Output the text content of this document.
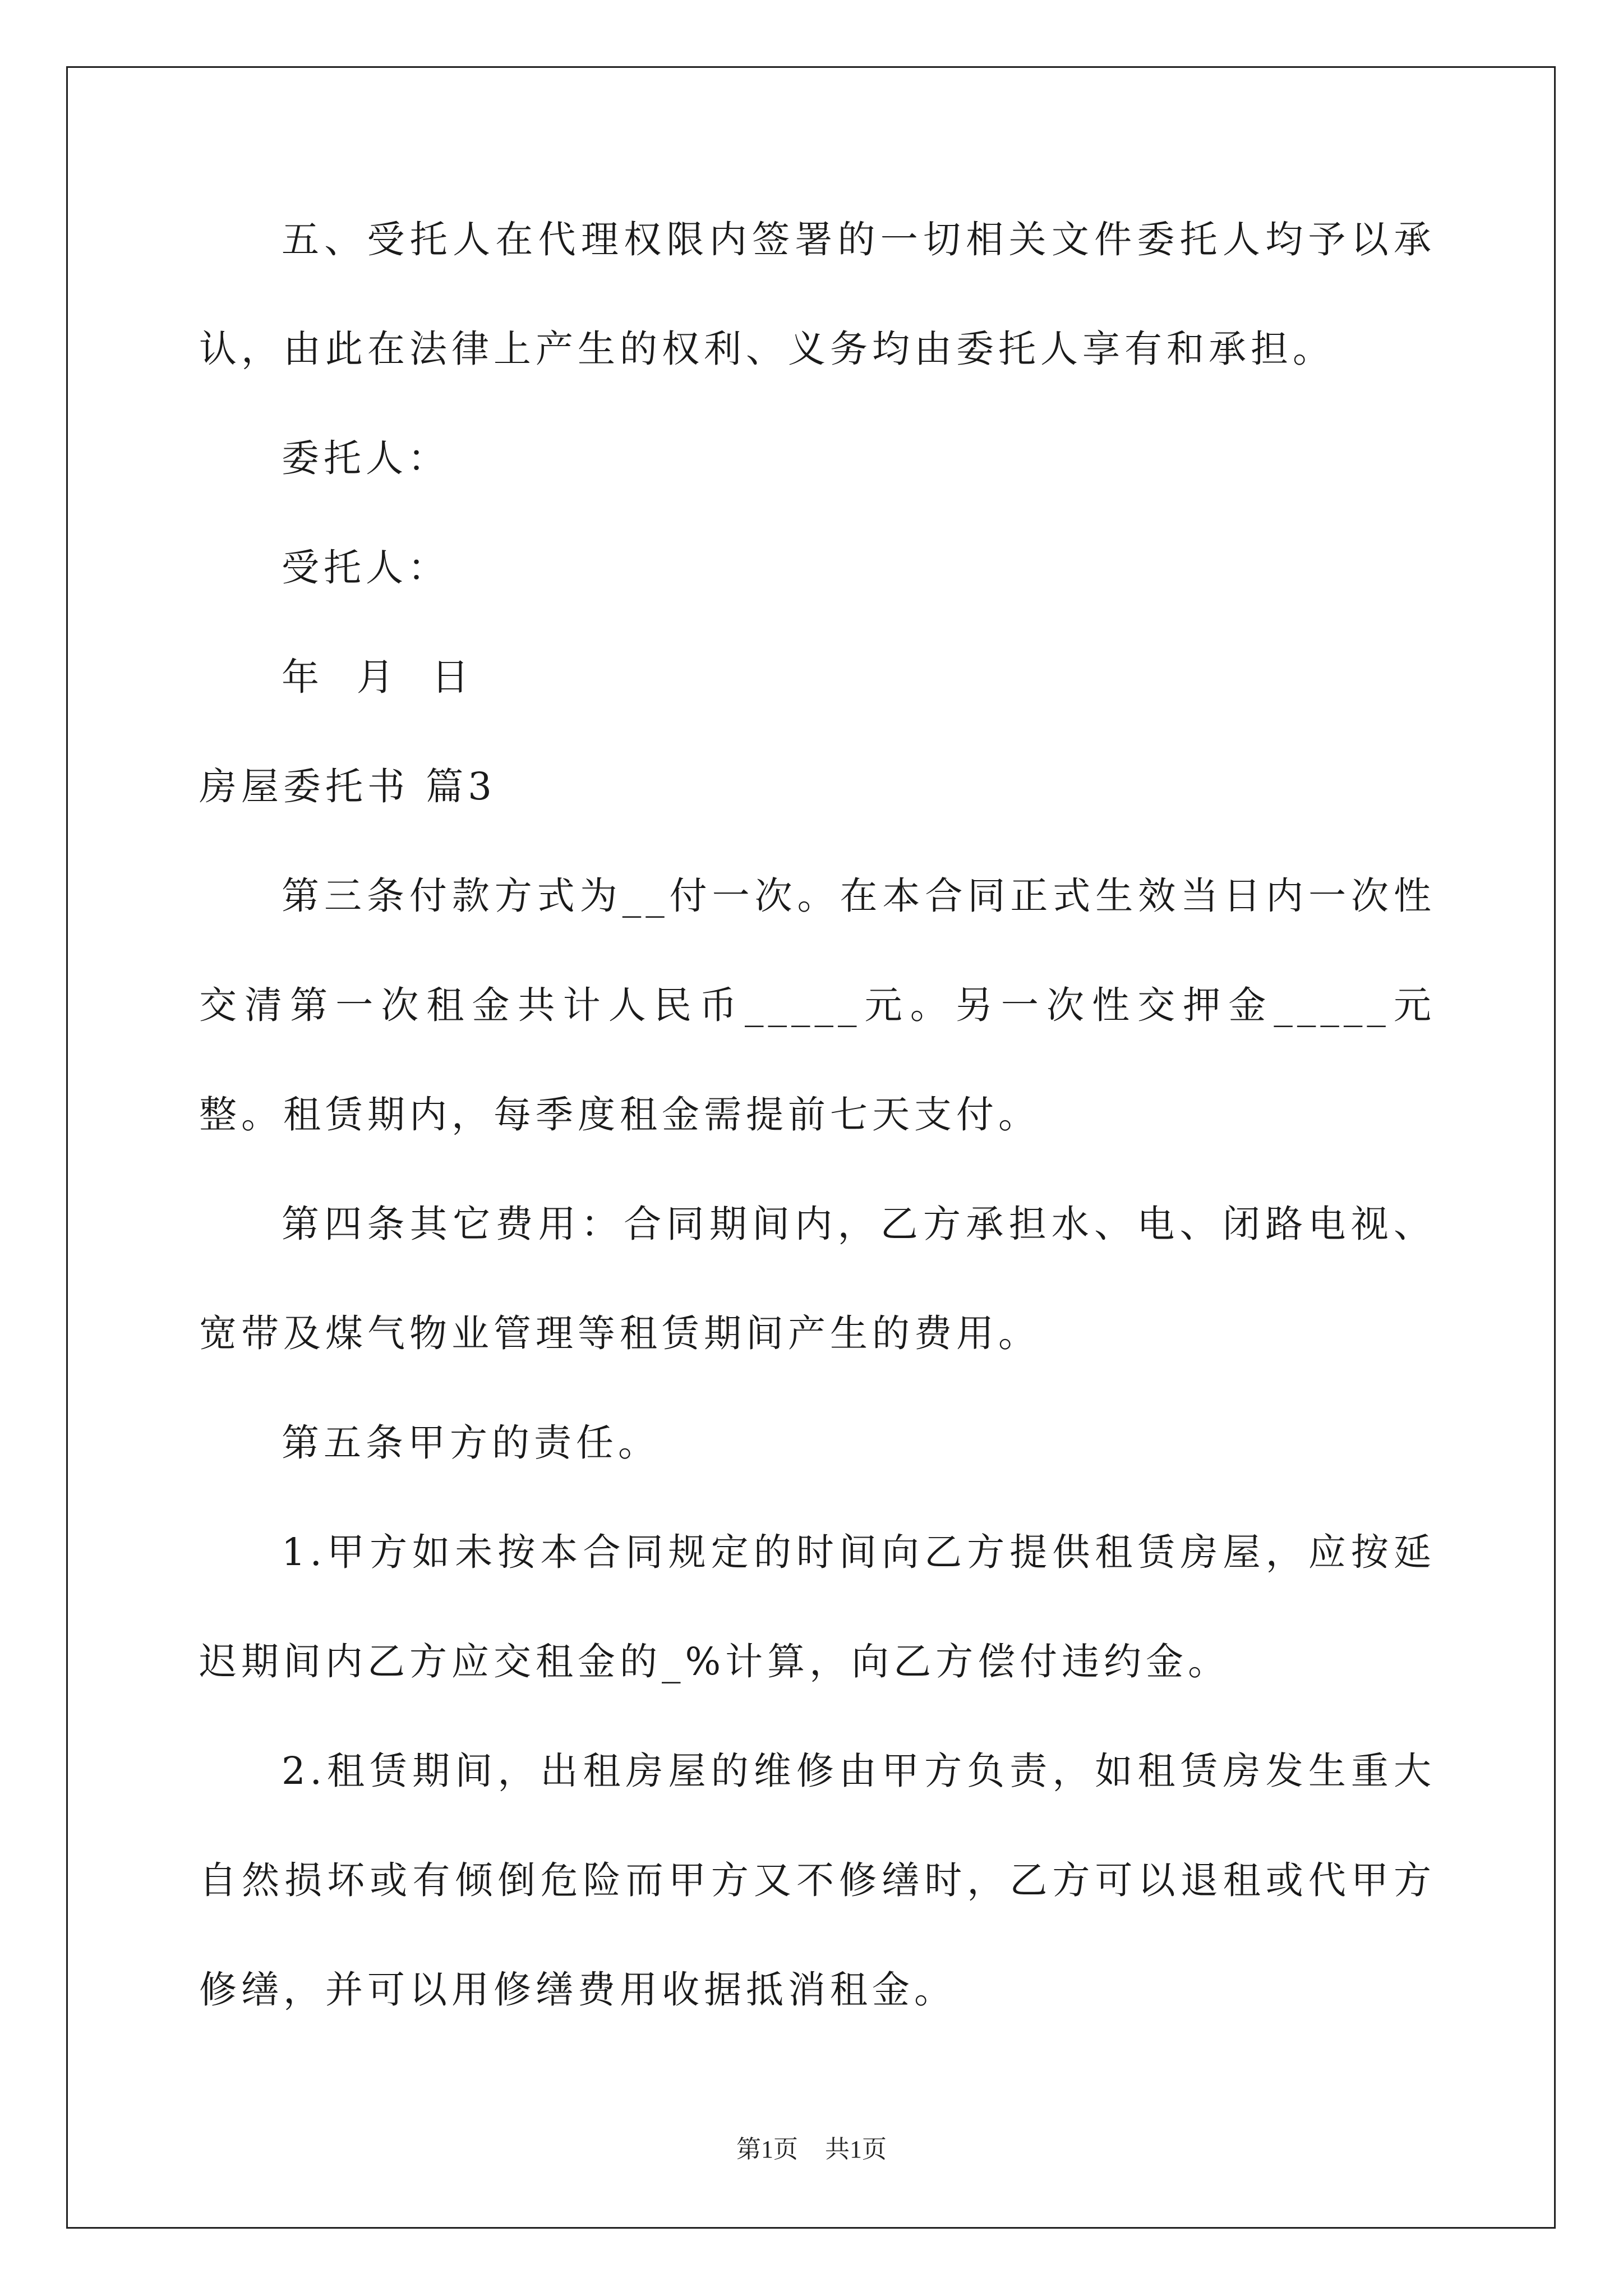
五、受托人在代理权限内签署的一切相关文件委托人均予以承认，由此在法律上产生的权利、义务均由委托人享有和承担。

委托人：

受托人：

年  月  日

房屋委托书 篇3

第三条付款方式为__付一次。在本合同正式生效当日内一次性交清第一次租金共计人民币_____元。另一次性交押金_____元整。租赁期内，每季度租金需提前七天支付。

第四条其它费用：合同期间内，乙方承担水、电、闭路电视、宽带及煤气物业管理等租赁期间产生的费用。

第五条甲方的责任。

1.甲方如未按本合同规定的时间向乙方提供租赁房屋，应按延迟期间内乙方应交租金的_%计算，向乙方偿付违约金。

2.租赁期间，出租房屋的维修由甲方负责，如租赁房发生重大自然损坏或有倾倒危险而甲方又不修缮时，乙方可以退租或代甲方修缮，并可以用修缮费用收据抵消租金。

第1页 共1页
